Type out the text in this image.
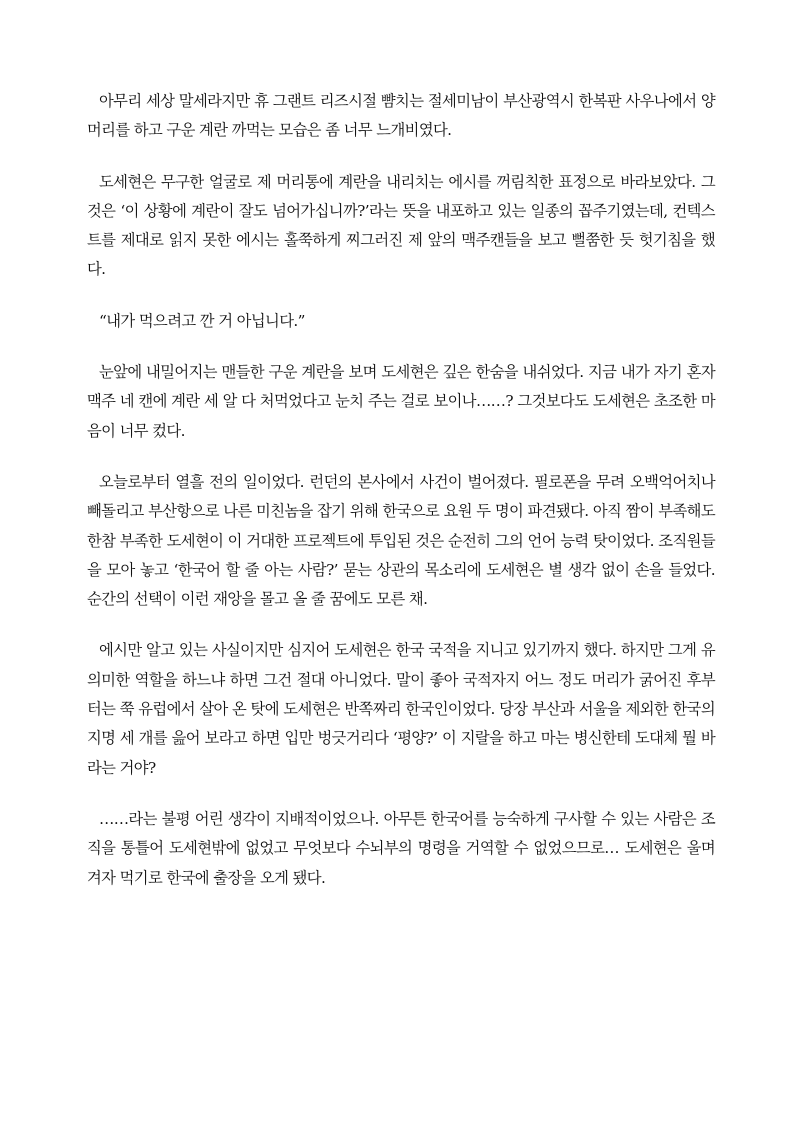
아무리 세상 말세라지만 휴 그랜트 리즈시절 뺨치는 절세미남이 부산광역시 한복판 사우나에서 양머리를 하고 구운 계란 까먹는 모습은 좀 너무 느개비였다.

도세현은 무구한 얼굴로 제 머리통에 계란을 내리치는 에시를 꺼림칙한 표정으로 바라보았다. 그것은 ‘이 상황에 계란이 잘도 넘어가십니까?’라는 뜻을 내포하고 있는 일종의 꼽주기였는데, 컨텍스트를 제대로 읽지 못한 에시는 홀쭉하게 찌그러진 제 앞의 맥주캔들을 보고 뻘쭘한 듯 헛기침을 했다.

“내가 먹으려고 깐 거 아닙니다.”

눈앞에 내밀어지는 맨들한 구운 계란을 보며 도세현은 깊은 한숨을 내쉬었다. 지금 내가 자기 혼자 맥주 네 캔에 계란 세 알 다 처먹었다고 눈치 주는 걸로 보이나……? 그것보다도 도세현은 초조한 마음이 너무 컸다.

오늘로부터 열흘 전의 일이었다. 런던의 본사에서 사건이 벌어졌다. 필로폰을 무려 오백억어치나 빼돌리고 부산항으로 나른 미친놈을 잡기 위해 한국으로 요원 두 명이 파견됐다. 아직 짬이 부족해도 한참 부족한 도세현이 이 거대한 프로젝트에 투입된 것은 순전히 그의 언어 능력 탓이었다. 조직원들을 모아 놓고 ‘한국어 할 줄 아는 사람?’ 묻는 상관의 목소리에 도세현은 별 생각 없이 손을 들었다. 순간의 선택이 이런 재앙을 몰고 올 줄 꿈에도 모른 채.

에시만 알고 있는 사실이지만 심지어 도세현은 한국 국적을 지니고 있기까지 했다. 하지만 그게 유의미한 역할을 하느냐 하면 그건 절대 아니었다. 말이 좋아 국적자지 어느 정도 머리가 굵어진 후부터는 쭉 유럽에서 살아 온 탓에 도세현은 반쪽짜리 한국인이었다. 당장 부산과 서울을 제외한 한국의 지명 세 개를 읊어 보라고 하면 입만 벙긋거리다 ‘평양?’ 이 지랄을 하고 마는 병신한테 도대체 뭘 바라는 거야?

……라는 불평 어린 생각이 지배적이었으나. 아무튼 한국어를 능숙하게 구사할 수 있는 사람은 조직을 통틀어 도세현밖에 없었고 무엇보다 수뇌부의 명령을 거역할 수 없었으므로… 도세현은 울며 겨자 먹기로 한국에 출장을 오게 됐다.
